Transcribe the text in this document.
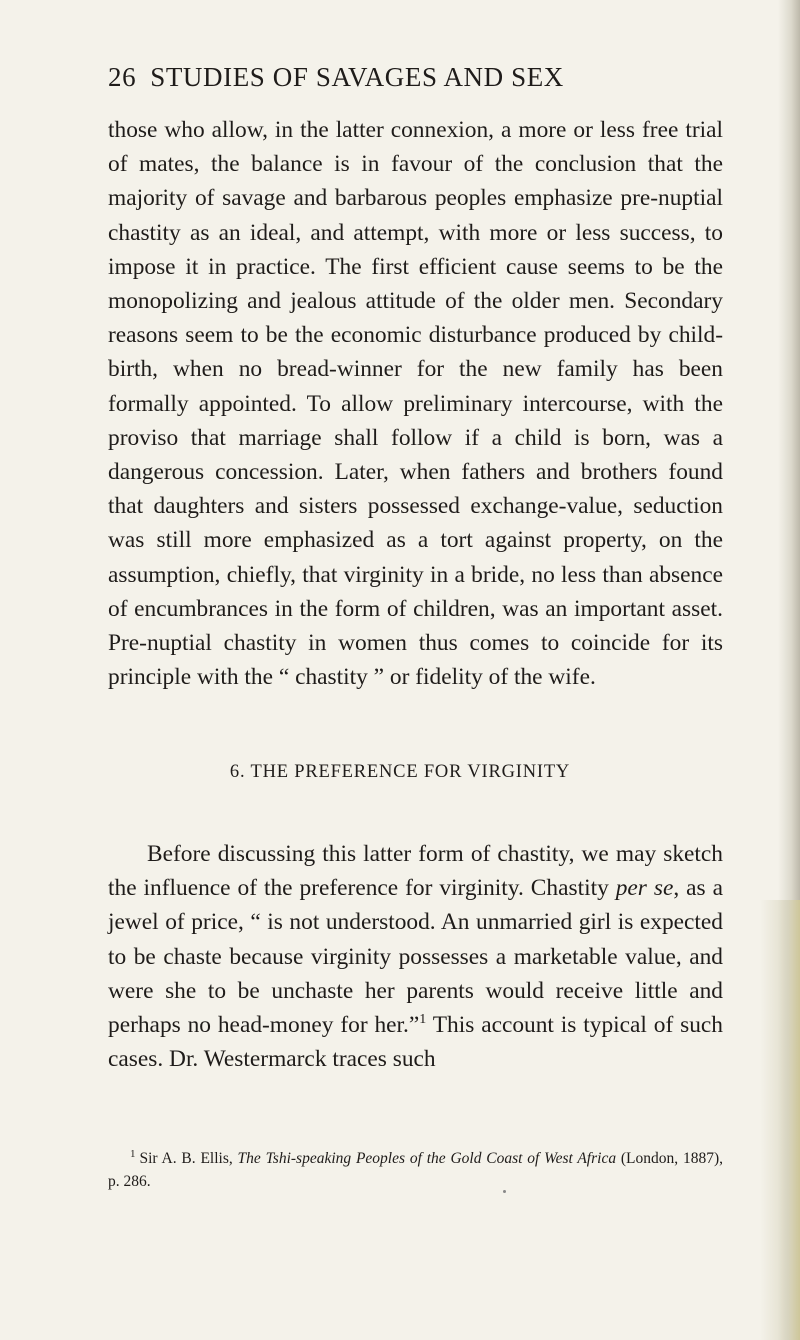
26 STUDIES OF SAVAGES AND SEX

those who allow, in the latter connexion, a more or less free trial of mates, the balance is in favour of the conclusion that the majority of savage and barbarous peoples emphasize pre-nuptial chastity as an ideal, and attempt, with more or less success, to impose it in practice. The first efficient cause seems to be the monopolizing and jealous attitude of the older men. Secondary reasons seem to be the economic disturbance produced by child-birth, when no bread-winner for the new family has been formally appointed. To allow preliminary intercourse, with the proviso that marriage shall follow if a child is born, was a dangerous concession. Later, when fathers and brothers found that daughters and sisters possessed exchange-value, seduction was still more emphasized as a tort against property, on the assumption, chiefly, that virginity in a bride, no less than absence of encumbrances in the form of children, was an important asset. Pre-nuptial chastity in women thus comes to coincide for its principle with the “ chastity ” or fidelity of the wife.

6. THE PREFERENCE FOR VIRGINITY

Before discussing this latter form of chastity, we may sketch the influence of the preference for virginity. Chastity per se, as a jewel of price, “ is not understood. An unmarried girl is expected to be chaste because virginity possesses a marketable value, and were she to be unchaste her parents would receive little and perhaps no head-money for her.”$^1$ This account is typical of such cases. Dr. Westermarck traces such

$^1$ Sir A. B. Ellis, The Tshi-speaking Peoples of the Gold Coast of West Africa (London, 1887), p. 286.
